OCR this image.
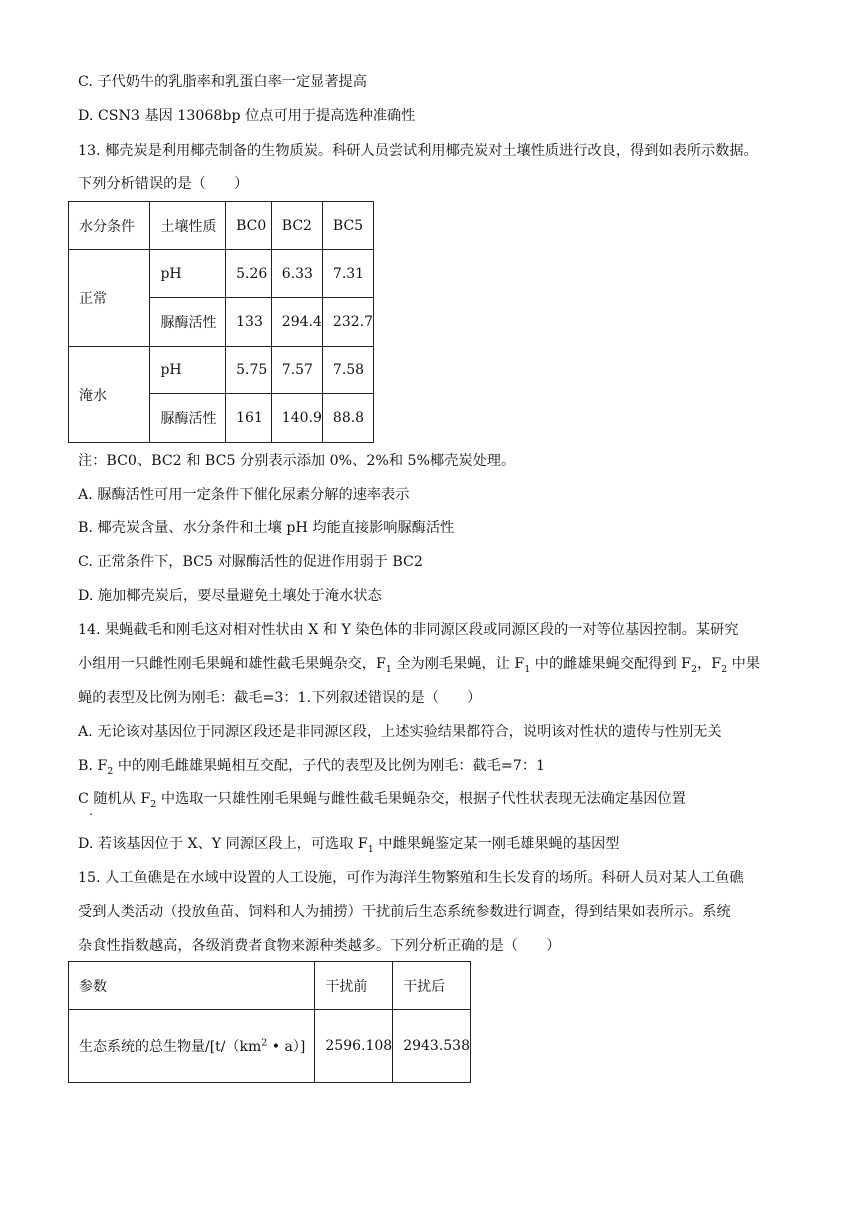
C. 子代奶牛的乳脂率和乳蛋白率一定显著提高
D. CSN3 基因 13068bp 位点可用于提高选种准确性
13. 椰壳炭是利用椰壳制备的生物质炭。科研人员尝试利用椰壳炭对土壤性质进行改良，得到如表所示数据。
下列分析错误的是（　　）
水分条件	土壤性质	BC0	BC2	BC5
正常	pH	5.26	6.33	7.31
	脲酶活性	133	294.4	232.7
淹水	pH	5.75	7.57	7.58
	脲酶活性	161	140.9	88.8
注：BC0、BC2 和 BC5 分别表示添加 0%、2%和 5%椰壳炭处理。
A. 脲酶活性可用一定条件下催化尿素分解的速率表示
B. 椰壳炭含量、水分条件和土壤 pH 均能直接影响脲酶活性
C. 正常条件下，BC5 对脲酶活性的促进作用弱于 BC2
D. 施加椰壳炭后，要尽量避免土壤处于淹水状态
14. 果蝇截毛和刚毛这对相对性状由 X 和 Y 染色体的非同源区段或同源区段的一对等位基因控制。某研究
小组用一只雌性刚毛果蝇和雄性截毛果蝇杂交，$F_1$ 全为刚毛果蝇，让 $F_1$ 中的雌雄果蝇交配得到 $F_2$，$F_2$ 中果
蝇的表型及比例为刚毛：截毛=3：1.下列叙述错误的是（　　）
A. 无论该对基因位于同源区段还是非同源区段，上述实验结果都符合，说明该对性状的遗传与性别无关
B. $F_2$ 中的刚毛雌雄果蝇相互交配，子代的表型及比例为刚毛：截毛=7：1
C 随机从 $F_2$ 中选取一只雄性刚毛果蝇与雌性截毛果蝇杂交，根据子代性状表现无法确定基因位置
.
D. 若该基因位于 X、Y 同源区段上，可选取 $F_1$ 中雌果蝇鉴定某一刚毛雄果蝇的基因型
15. 人工鱼礁是在水域中设置的人工设施，可作为海洋生物繁殖和生长发育的场所。科研人员对某人工鱼礁
受到人类活动（投放鱼苗、饲料和人为捕捞）干扰前后生态系统参数进行调查，得到结果如表所示。系统
杂食性指数越高，各级消费者食物来源种类越多。下列分析正确的是（　　）
参数	干扰前	干扰后
生态系统的总生物量$/[t/(km^2$ • a）]	2596.108	2943.538
